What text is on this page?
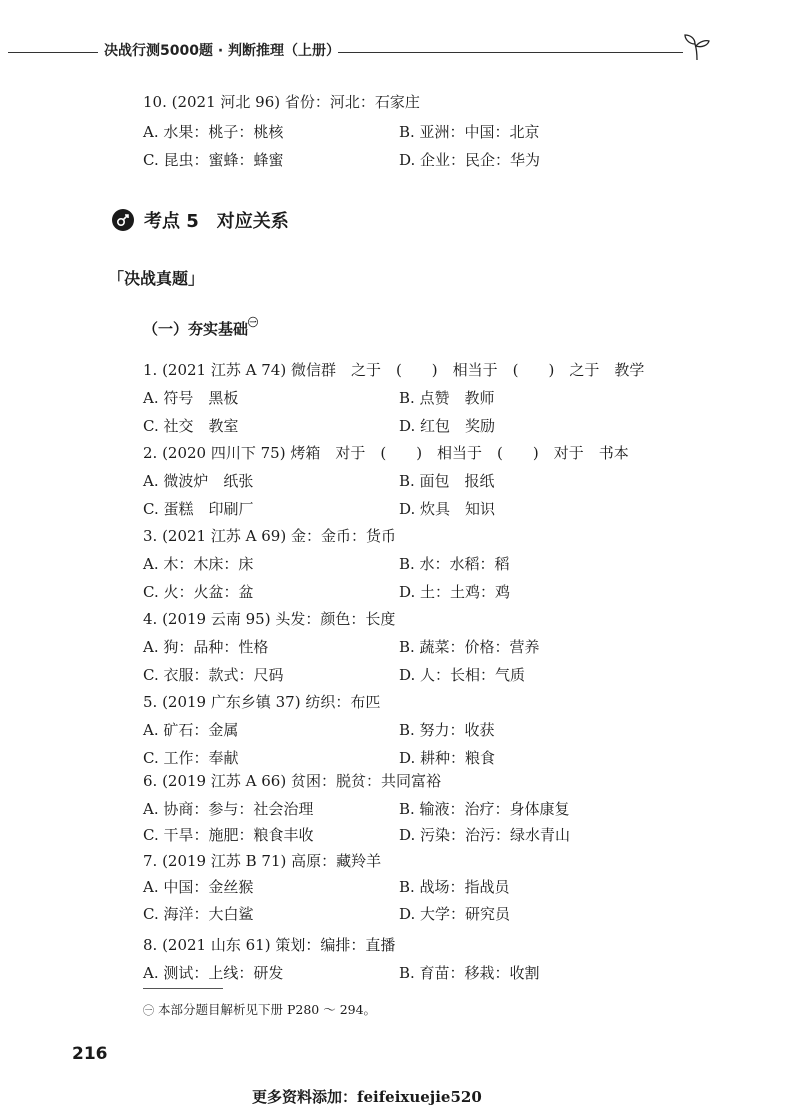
决战行测5000题 · 判断推理（上册）
10. (2021 河北 96) 省份：河北：石家庄
A. 水果：桃子：桃核	B. 亚洲：中国：北京
C. 昆虫：蜜蜂：蜂蜜	D. 企业：民企：华为
考点 5　对应关系
「决战真题」
（一）夯实基础$^㊀$
1. (2021 江苏 A 74) 微信群　之于　(　　)　相当于　(　　)　之于　教学
A. 符号　黑板	B. 点赞　教师
C. 社交　教室	D. 红包　奖励
2. (2020 四川下 75) 烤箱　对于　(　　)　相当于　(　　)　对于　书本
A. 微波炉　纸张	B. 面包　报纸
C. 蛋糕　印刷厂	D. 炊具　知识
3. (2021 江苏 A 69) 金：金币：货币
A. 木：木床：床	B. 水：水稻：稻
C. 火：火盆：盆	D. 土：土鸡：鸡
4. (2019 云南 95) 头发：颜色：长度
A. 狗：品种：性格	B. 蔬菜：价格：营养
C. 衣服：款式：尺码	D. 人：长相：气质
5. (2019 广东乡镇 37) 纺织：布匹
A. 矿石：金属	B. 努力：收获
C. 工作：奉献	D. 耕种：粮食
6. (2019 江苏 A 66) 贫困：脱贫：共同富裕
A. 协商：参与：社会治理	B. 输液：治疗：身体康复
C. 干旱：施肥：粮食丰收	D. 污染：治污：绿水青山
7. (2019 江苏 B 71) 高原：藏羚羊
A. 中国：金丝猴	B. 战场：指战员
C. 海洋：大白鲨	D. 大学：研究员
8. (2021 山东 61) 策划：编排：直播
A. 测试：上线：研发	B. 育苗：移栽：收割
㊀ 本部分题目解析见下册 P280 ～ 294。
216
更多资料添加：feifeixuejie520
